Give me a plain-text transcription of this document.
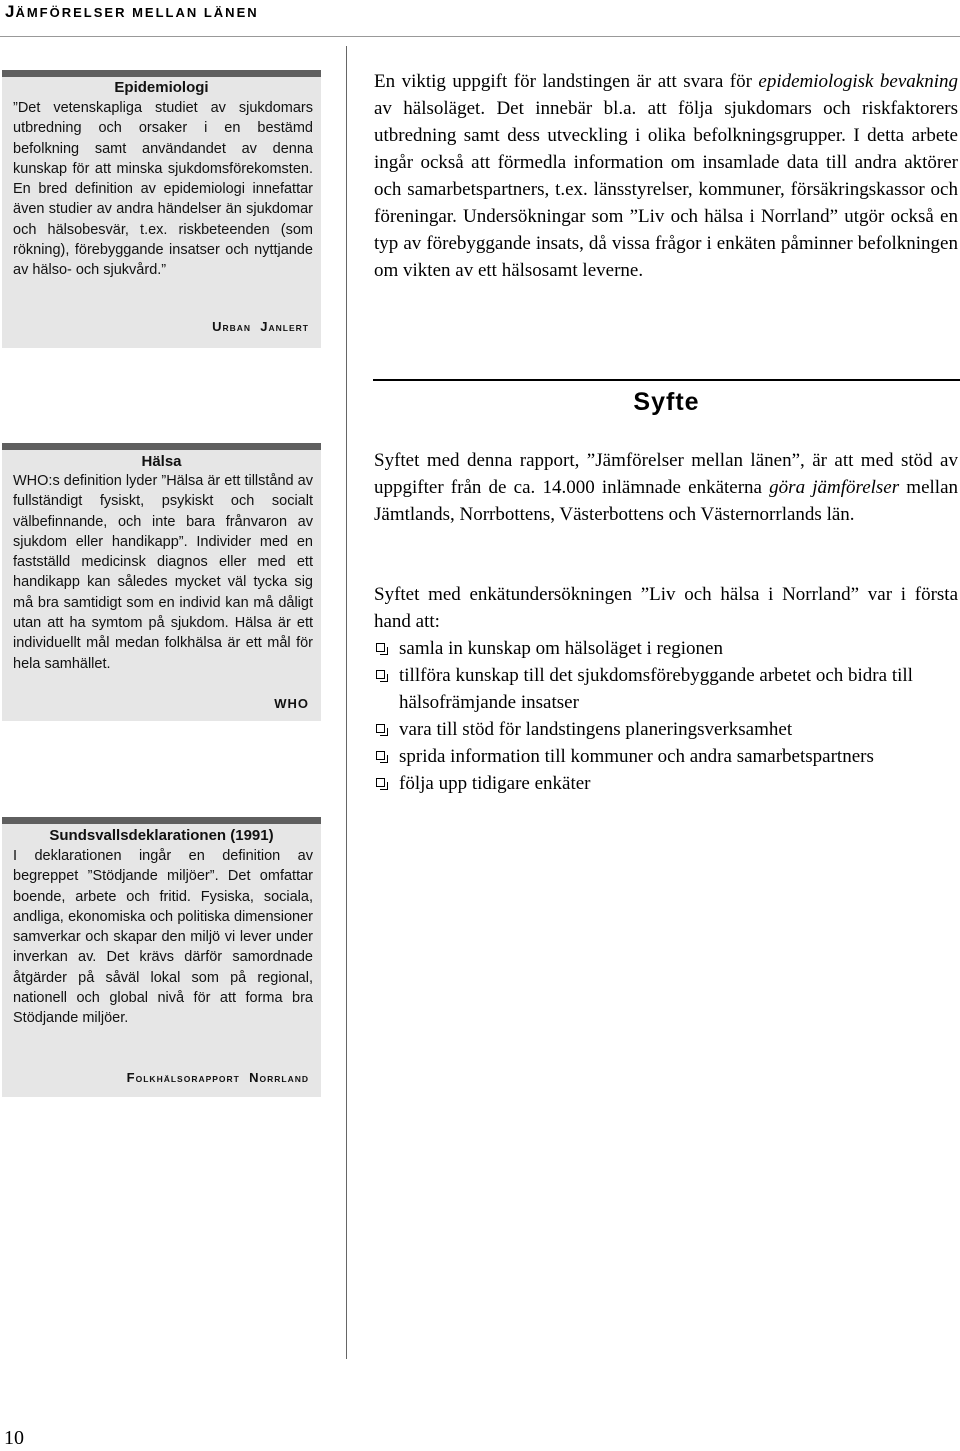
JÄMFÖRELSER MELLAN LÄNEN
Epidemiologi

”Det vetenskapliga studiet av sjukdomars utbredning och orsaker i en bestämd befolkning samt användandet av denna kunskap för att minska sjukdomsförekomsten. En bred definition av epidemiologi innefattar även studier av andra händelser än sjukdomar och hälsobesvär, t.ex. riskbeteenden (som rökning), förebyggande insatser och nyttjande av hälso- och sjukvård.”

URBAN JANLERT
Hälsa

WHO:s definition lyder ”Hälsa är ett tillstånd av fullständigt fysiskt, psykiskt och socialt välbefinnande, och inte bara frånvaron av sjukdom eller handikapp”. Individer med en fastställd medicinsk diagnos eller med ett handikapp kan således mycket väl tycka sig må bra samtidigt som en individ kan må dåligt utan att ha symtom på sjukdom. Hälsa är ett individuellt mål medan folkhälsa är ett mål för hela samhället.

WHO
Sundsvallsdeklarationen (1991)

I deklarationen ingår en definition av begreppet ”Stödjande miljöer”. Det omfattar boende, arbete och fritid. Fysiska, sociala, andliga, ekonomiska och politiska dimensioner samverkar och skapar den miljö vi lever under inverkan av. Det krävs därför samordnade åtgärder på såväl lokal som på regional, nationell och global nivå för att forma bra Stödjande miljöer.

FOLKHÄLSORAPPORT NORRLAND

En viktig uppgift för landstingen är att svara för epidemiologisk bevakning av hälsoläget. Det innebär bl.a. att följa sjukdomars och riskfaktorers utbredning samt dess utveckling i olika befolkningsgrupper. I detta arbete ingår också att förmedla information om insamlade data till andra aktörer och samarbetspartners, t.ex. länsstyrelser, kommuner, försäkringskassor och föreningar. Undersökningar som ”Liv och hälsa i Norrland” utgör också en typ av förebyggande insats, då vissa frågor i enkäten påminner befolkningen om vikten av ett hälsosamt leverne.

Syfte

Syftet med denna rapport, ”Jämförelser mellan länen”, är att med stöd av uppgifter från de ca. 14.000 inlämnade enkäterna göra jämförelser mellan Jämtlands, Norrbottens, Västerbottens och Västernorrlands län.

Syftet med enkätundersökningen ”Liv och hälsa i Norrland” var i första hand att:

samla in kunskap om hälsoläget i regionen
tillföra kunskap till det sjukdomsförebyggande arbetet och bidra till hälsofrämjande insatser
vara till stöd för landstingens planeringsverksamhet
sprida information till kommuner och andra samarbetspartners
följa upp tidigare enkäter
10
